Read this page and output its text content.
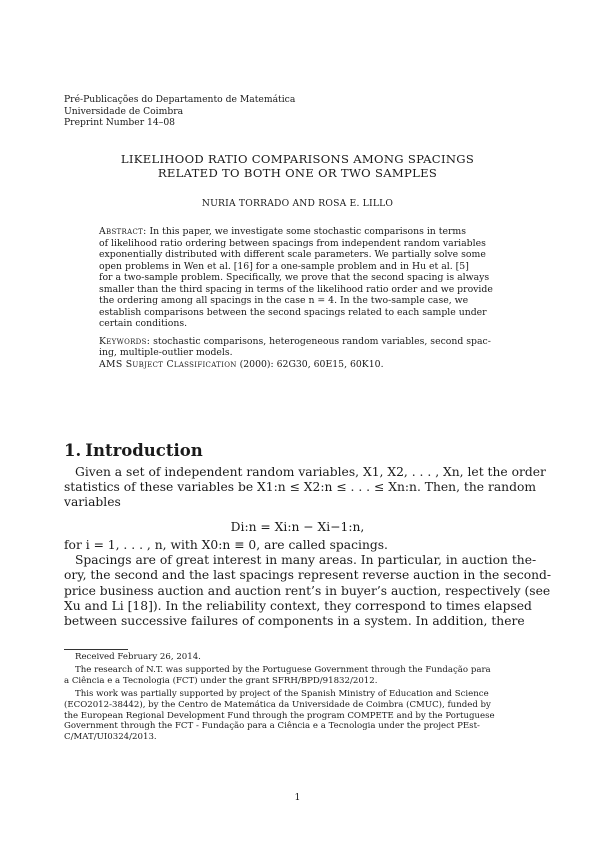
Pré-Publicações do Departamento de Matemática
Universidade de Coimbra
Preprint Number 14–08
LIKELIHOOD RATIO COMPARISONS AMONG SPACINGS
RELATED TO BOTH ONE OR TWO SAMPLES
NURIA TORRADO AND ROSA E. LILLO
Abstract: In this paper, we investigate some stochastic comparisons in terms
of likelihood ratio ordering between spacings from independent random variables
exponentially distributed with different scale parameters. We partially solve some
open problems in Wen et al. [16] for a one-sample problem and in Hu et al. [5]
for a two-sample problem. Specifically, we prove that the second spacing is always
smaller than the third spacing in terms of the likelihood ratio order and we provide
the ordering among all spacings in the case n = 4. In the two-sample case, we
establish comparisons between the second spacings related to each sample under
certain conditions.
Keywords: stochastic comparisons, heterogeneous random variables, second spac-
ing, multiple-outlier models.
AMS Subject Classification (2000): 62G30, 60E15, 60K10.
1. Introduction
Given a set of independent random variables, X1, X2, . . . , Xn, let the order
statistics of these variables be X1:n ≤ X2:n ≤ . . . ≤ Xn:n. Then, the random
variables
Di:n = Xi:n − Xi−1:n,
for i = 1, . . . , n, with X0:n ≡ 0, are called spacings.
Spacings are of great interest in many areas. In particular, in auction the-
ory, the second and the last spacings represent reverse auction in the second-
price business auction and auction rent’s in buyer’s auction, respectively (see
Xu and Li [18]). In the reliability context, they correspond to times elapsed
between successive failures of components in a system. In addition, there
Received February 26, 2014.
The research of N.T. was supported by the Portuguese Government through the Fundação para
a Ciência e a Tecnologia (FCT) under the grant SFRH/BPD/91832/2012.
This work was partially supported by project of the Spanish Ministry of Education and Science
(ECO2012-38442), by the Centro de Matemática da Universidade de Coimbra (CMUC), funded by
the European Regional Development Fund through the program COMPETE and by the Portuguese
Government through the FCT - Fundação para a Ciência e a Tecnologia under the project PEst-
C/MAT/UI0324/2013.
1
